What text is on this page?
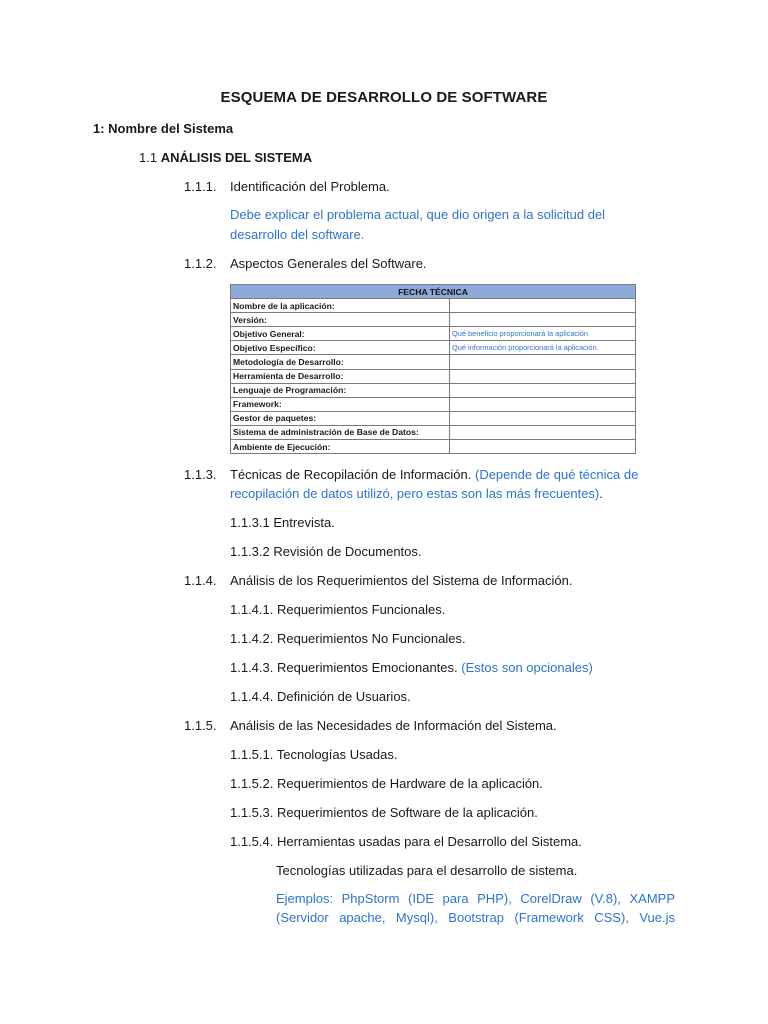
ESQUEMA DE DESARROLLO DE SOFTWARE
1: Nombre del Sistema
1.1 ANÁLISIS DEL SISTEMA
1.1.1. Identificación del Problema.
Debe explicar el problema actual, que dio origen a la solicitud del
desarrollo del software.
1.1.2. Aspectos Generales del Software.
FECHA TÉCNICA	
Nombre de la aplicación:	
Versión:	
Objetivo General:	Qué beneficio proporcionará la aplicación
Objetivo Específico:	Qué información proporcionará la aplicación.
Metodología de Desarrollo:	
Herramienta de Desarrollo:	
Lenguaje de Programación:	
Framework:	
Gestor de paquetes:	
Sistema de administración de Base de Datos:	
Ambiente de Ejecución:	
1.1.3. Técnicas de Recopilación de Información. (Depende de qué técnica de
recopilación de datos utilizó, pero estas son las más frecuentes).
1.1.3.1 Entrevista.
1.1.3.2 Revisión de Documentos.
1.1.4. Análisis de los Requerimientos del Sistema de Información.
1.1.4.1. Requerimientos Funcionales.
1.1.4.2. Requerimientos No Funcionales.
1.1.4.3. Requerimientos Emocionantes. (Estos son opcionales)
1.1.4.4. Definición de Usuarios.
1.1.5. Análisis de las Necesidades de Información del Sistema.
1.1.5.1. Tecnologías Usadas.
1.1.5.2. Requerimientos de Hardware de la aplicación.
1.1.5.3. Requerimientos de Software de la aplicación.
1.1.5.4. Herramientas usadas para el Desarrollo del Sistema.
Tecnologías utilizadas para el desarrollo de sistema.
Ejemplos: PhpStorm (IDE para PHP), CorelDraw (V.8), XAMPP
(Servidor apache, Mysql), Bootstrap (Framework CSS), Vue.js
